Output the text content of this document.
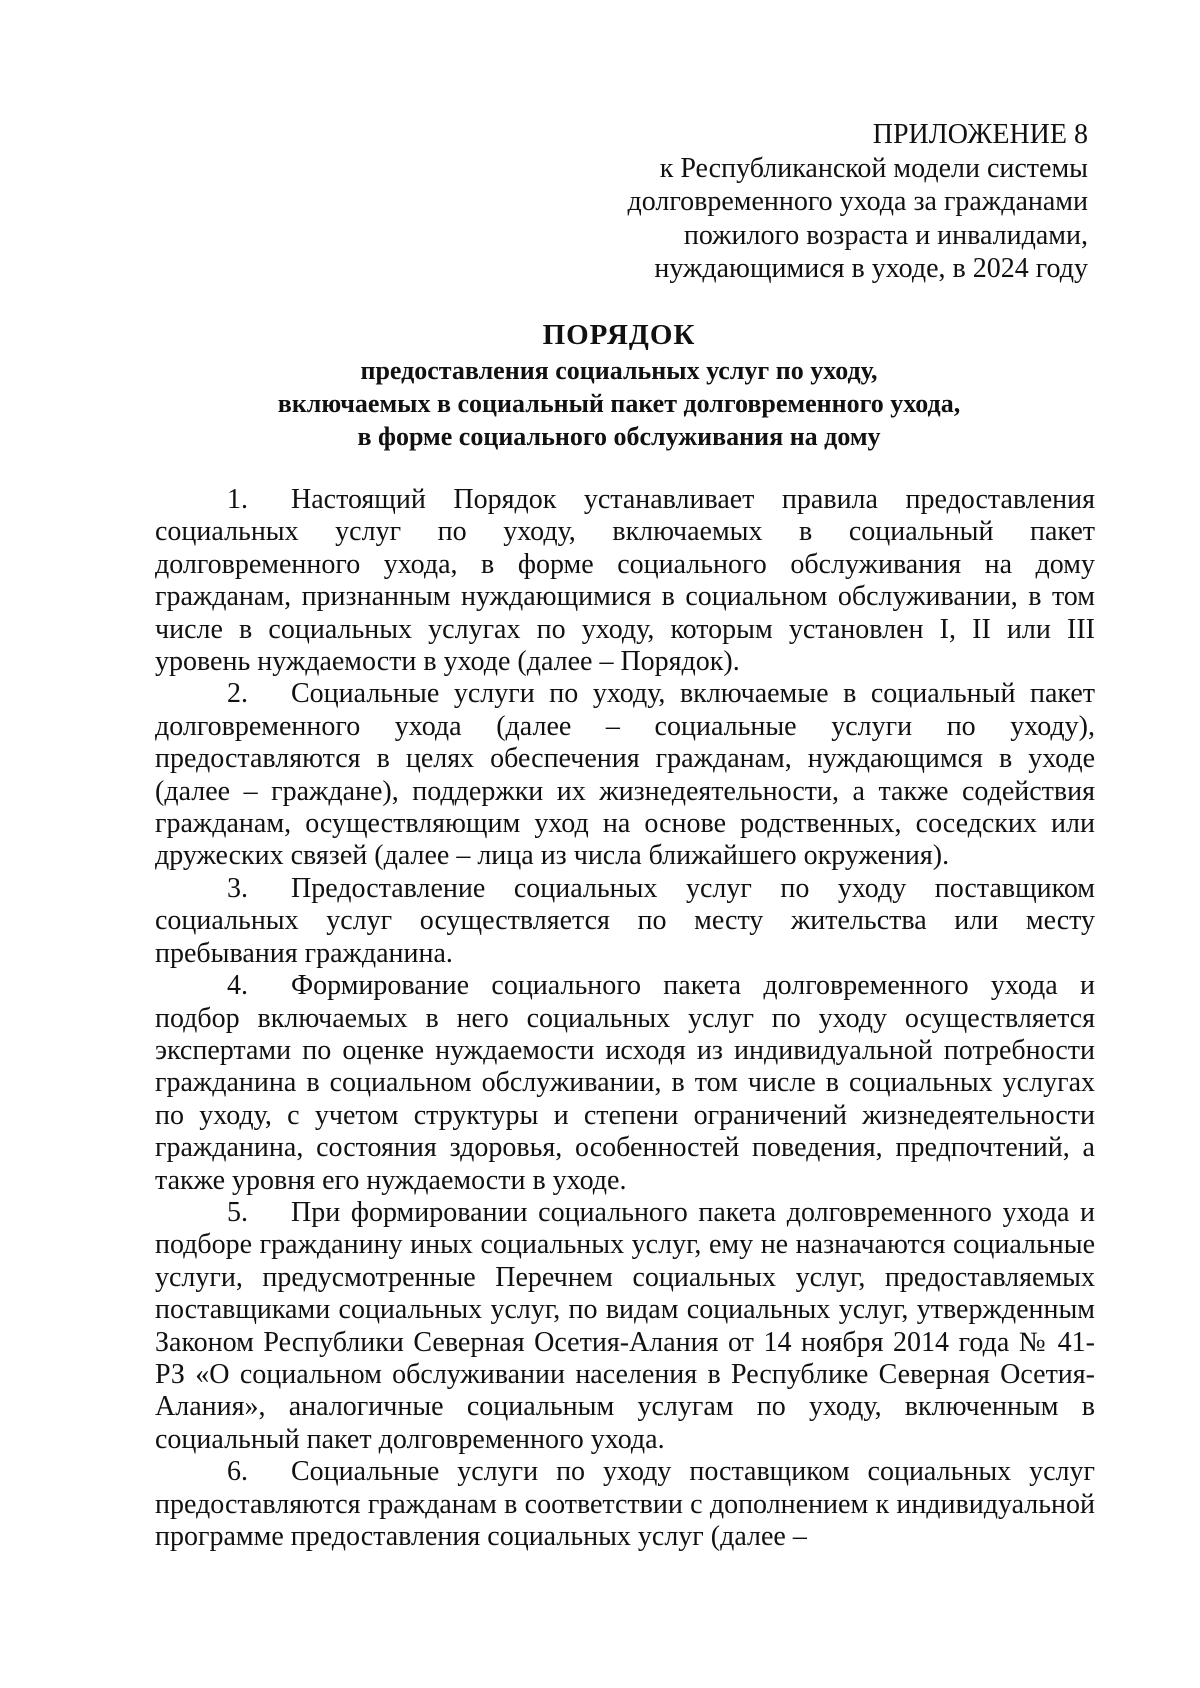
ПРИЛОЖЕНИЕ 8
к Республиканской модели системы
долговременного ухода за гражданами
пожилого возраста и инвалидами,
нуждающимися в уходе, в 2024 году
ПОРЯДОК
предоставления социальных услуг по уходу,
включаемых в социальный пакет долговременного ухода,
в форме социального обслуживания на дому

1. Настоящий Порядок устанавливает правила предоставления социальных услуг по уходу, включаемых в социальный пакет долговременного ухода, в форме социального обслуживания на дому гражданам, признанным нуждающимися в социальном обслуживании, в том числе в социальных услугах по уходу, которым установлен I, II или III уровень нуждаемости в уходе (далее – Порядок).

2. Социальные услуги по уходу, включаемые в социальный пакет долговременного ухода (далее – социальные услуги по уходу), предоставляются в целях обеспечения гражданам, нуждающимся в уходе (далее – граждане), поддержки их жизнедеятельности, а также содействия гражданам, осуществляющим уход на основе родственных, соседских или дружеских связей (далее – лица из числа ближайшего окружения).

3. Предоставление социальных услуг по уходу поставщиком социальных услуг осуществляется по месту жительства или месту пребывания гражданина.

4. Формирование социального пакета долговременного ухода и подбор включаемых в него социальных услуг по уходу осуществляется экспертами по оценке нуждаемости исходя из индивидуальной потребности гражданина в социальном обслуживании, в том числе в социальных услугах по уходу, с учетом структуры и степени ограничений жизнедеятельности гражданина, состояния здоровья, особенностей поведения, предпочтений, а также уровня его нуждаемости в уходе.

5. При формировании социального пакета долговременного ухода и подборе гражданину иных социальных услуг, ему не назначаются социальные услуги, предусмотренные Перечнем социальных услуг, предоставляемых поставщиками социальных услуг, по видам социальных услуг, утвержденным Законом Республики Северная Осетия-Алания от 14 ноября 2014 года № 41-РЗ «О социальном обслуживании населения в Республике Северная Осетия-Алания», аналогичные социальным услугам по уходу, включенным в социальный пакет долговременного ухода.

6. Социальные услуги по уходу поставщиком социальных услуг предоставляются гражданам в соответствии с дополнением к индивидуальной программе предоставления социальных услуг (далее –
